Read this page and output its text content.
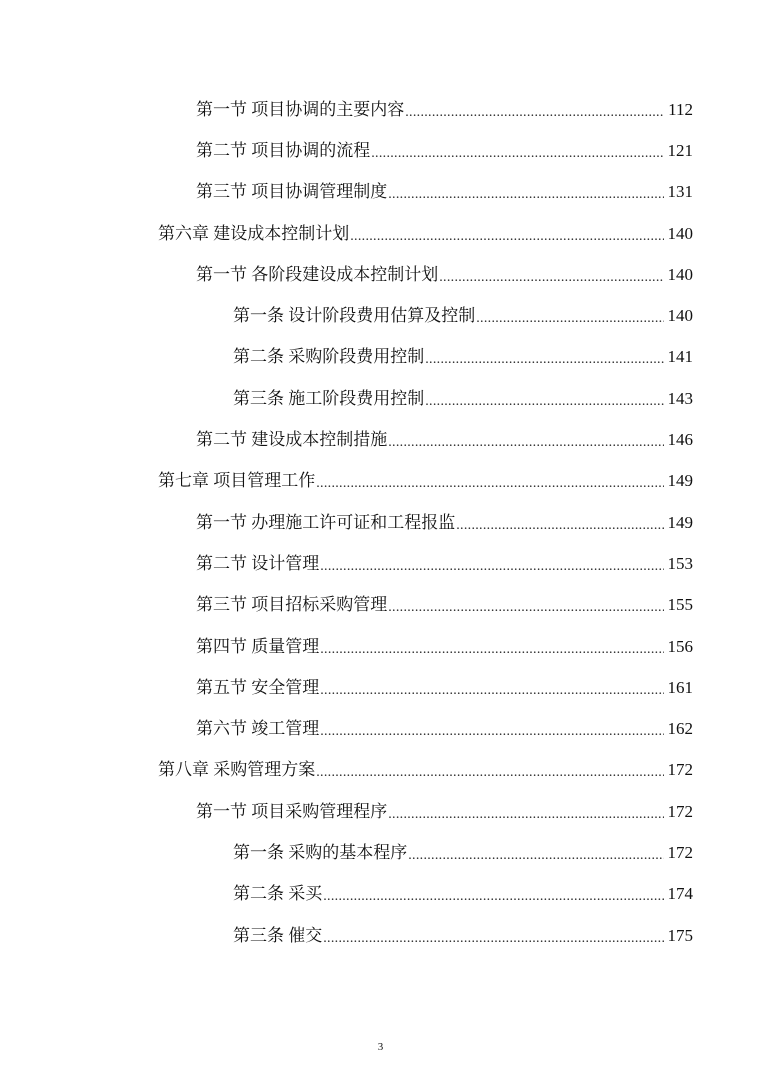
第一节 项目协调的主要内容 .....	112
第二节 项目协调的流程 .....	121
第三节 项目协调管理制度 .....	131
第六章 建设成本控制计划 .....	140
第一节 各阶段建设成本控制计划 .....	140
第一条 设计阶段费用估算及控制 .....	140
第二条 采购阶段费用控制 .....	141
第三条 施工阶段费用控制 .....	143
第二节 建设成本控制措施 .....	146
第七章 项目管理工作 .....	149
第一节 办理施工许可证和工程报监 .....	149
第二节 设计管理 .....	153
第三节 项目招标采购管理 .....	155
第四节 质量管理 .....	156
第五节 安全管理 .....	161
第六节 竣工管理 .....	162
第八章 采购管理方案 .....	172
第一节 项目采购管理程序 .....	172
第一条 采购的基本程序 .....	172
第二条 采买 .....	174
第三条 催交 .....	175
3
